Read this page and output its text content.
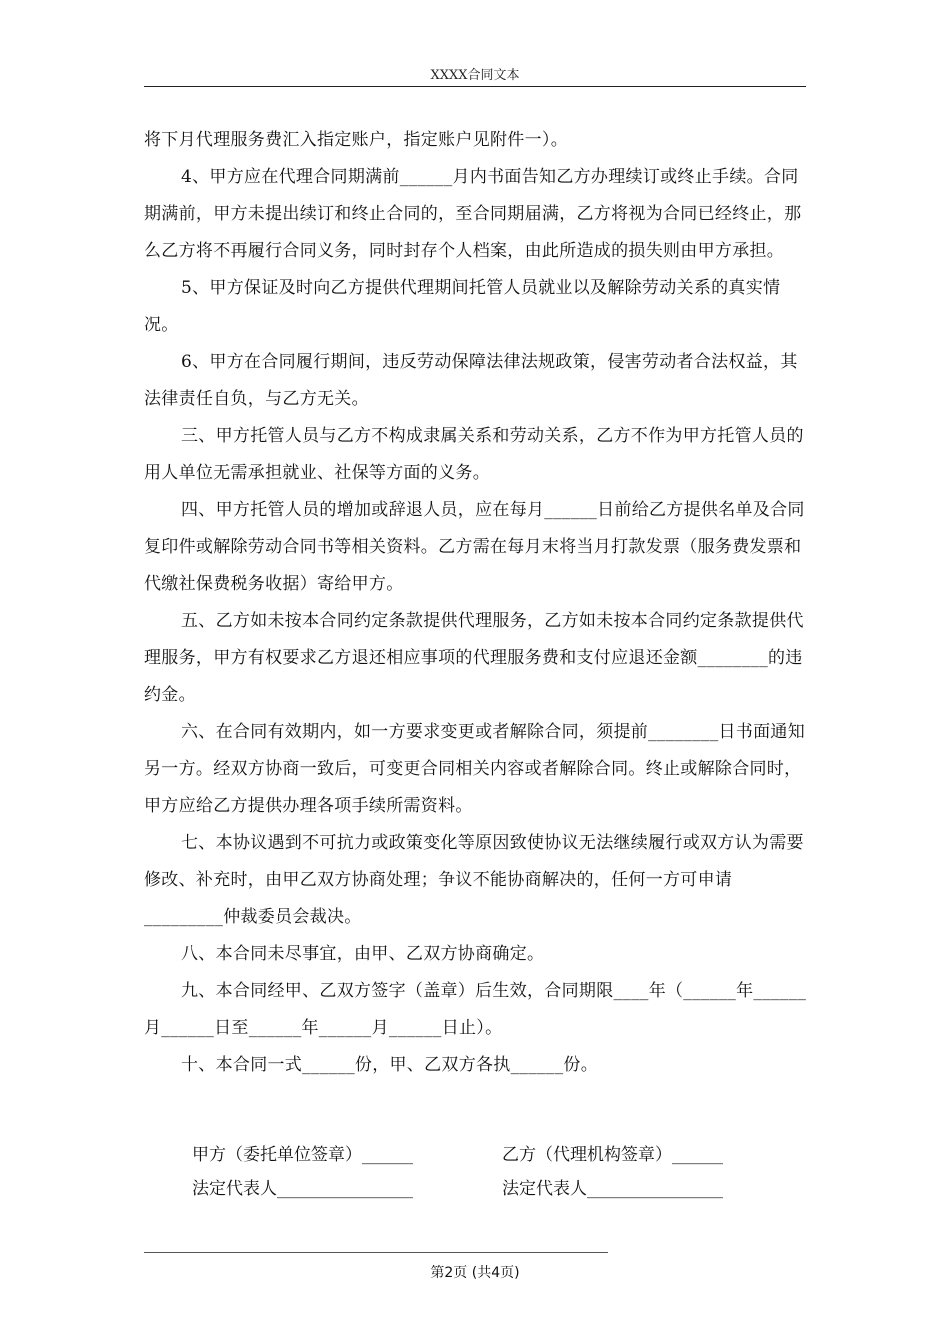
XXXX合同文本

将下月代理服务费汇入指定账户，指定账户见附件一）。

4、甲方应在代理合同期满前______月内书面告知乙方办理续订或终止手续。合同期满前，甲方未提出续订和终止合同的，至合同期届满，乙方将视为合同已经终止，那么乙方将不再履行合同义务，同时封存个人档案，由此所造成的损失则由甲方承担。

5、甲方保证及时向乙方提供代理期间托管人员就业以及解除劳动关系的真实情况。

6、甲方在合同履行期间，违反劳动保障法律法规政策，侵害劳动者合法权益，其法律责任自负，与乙方无关。

三、甲方托管人员与乙方不构成隶属关系和劳动关系，乙方不作为甲方托管人员的用人单位无需承担就业、社保等方面的义务。

四、甲方托管人员的增加或辞退人员，应在每月______日前给乙方提供名单及合同复印件或解除劳动合同书等相关资料。乙方需在每月末将当月打款发票（服务费发票和代缴社保费税务收据）寄给甲方。

五、乙方如未按本合同约定条款提供代理服务，乙方如未按本合同约定条款提供代理服务，甲方有权要求乙方退还相应事项的代理服务费和支付应退还金额________的违约金。

六、在合同有效期内，如一方要求变更或者解除合同，须提前________日书面通知另一方。经双方协商一致后，可变更合同相关内容或者解除合同。终止或解除合同时，甲方应给乙方提供办理各项手续所需资料。

七、本协议遇到不可抗力或政策变化等原因致使协议无法继续履行或双方认为需要修改、补充时，由甲乙双方协商处理；争议不能协商解决的，任何一方可申请_________仲裁委员会裁决。

八、本合同未尽事宜，由甲、乙双方协商确定。

九、本合同经甲、乙双方签字（盖章）后生效，合同期限____年（______年______月______日至______年______月______日止）。

十、本合同一式______份，甲、乙双方各执______份。

甲方（委托单位签章）______	乙方（代理机构签章）______
法定代表人________________	法定代表人________________
第2页 (共4页)
